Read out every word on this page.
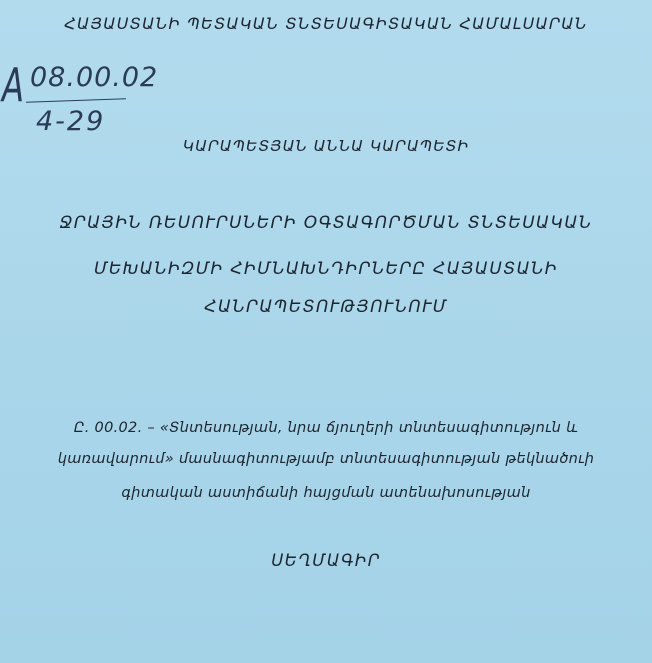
ՀԱՅԱՍՏԱՆԻ ՊԵՏԱԿԱՆ ՏՆՏԵՍԱԳԻՏԱԿԱՆ ՀԱՄԱԼՍԱՐԱՆ
A 08.00.02
4-29
ԿԱՐԱՊԵՏՅԱՆ ԱՆՆԱ ԿԱՐԱՊԵՏԻ
ՋՐԱՅԻՆ ՌԵՍՈՒՐՍՆԵՐԻ ՕԳՏԱԳՈՐԾՄԱՆ ՏՆՏԵՍԱԿԱՆ
ՄԵԽԱՆԻԶՄԻ ՀԻՄՆԱԽՆԴԻՐՆԵՐԸ ՀԱՅԱՍՏԱՆԻ
ՀԱՆՐԱՊԵՏՈՒԹՅՈՒՆՈՒՄ
Ը. 00.02. – «Տնտեսության, նրա ճյուղերի տնտեսագիտություն և
կառավարում» մասնագիտությամբ տնտեսագիտության թեկնածուի
գիտական աստիճանի հայցման ատենախոսության
ՍԵՂՄԱԳԻՐ
